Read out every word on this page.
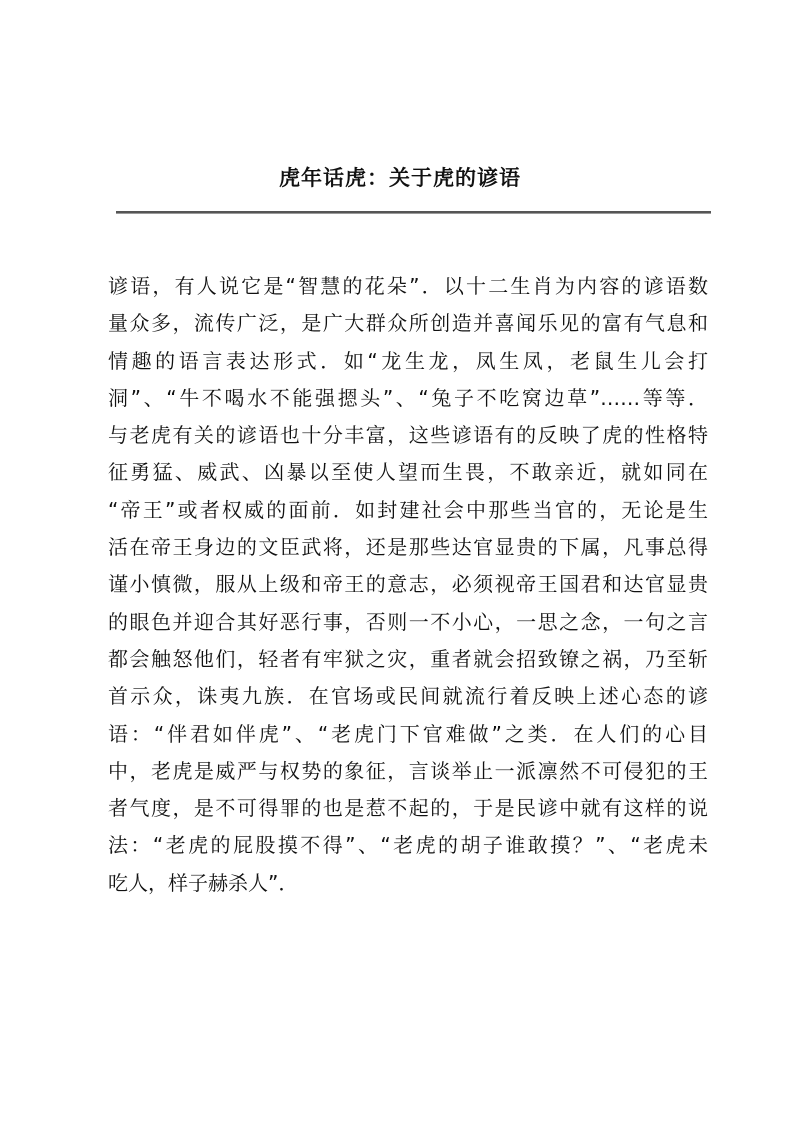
虎年话虎：关于虎的谚语
谚语，有人说它是“智慧的花朵”．以十二生肖为内容的谚语数
量众多，流传广泛，是广大群众所创造并喜闻乐见的富有气息和
情趣的语言表达形式．如“龙生龙，凤生凤，老鼠生儿会打
洞”、“牛不喝水不能强摁头”、“兔子不吃窝边草”……等等．
与老虎有关的谚语也十分丰富，这些谚语有的反映了虎的性格特
征勇猛、威武、凶暴以至使人望而生畏，不敢亲近，就如同在
“帝王”或者权威的面前．如封建社会中那些当官的，无论是生
活在帝王身边的文臣武将，还是那些达官显贵的下属，凡事总得
谨小慎微，服从上级和帝王的意志，必须视帝王国君和达官显贵
的眼色并迎合其好恶行事，否则一不小心，一思之念，一句之言
都会触怒他们，轻者有牢狱之灾，重者就会招致镣之祸，乃至斩
首示众，诛夷九族．在官场或民间就流行着反映上述心态的谚
语：“伴君如伴虎”、“老虎门下官难做”之类．在人们的心目
中，老虎是威严与权势的象征，言谈举止一派凛然不可侵犯的王
者气度，是不可得罪的也是惹不起的，于是民谚中就有这样的说
法：“老虎的屁股摸不得”、“老虎的胡子谁敢摸？”、“老虎未
吃人，样子赫杀人”．
